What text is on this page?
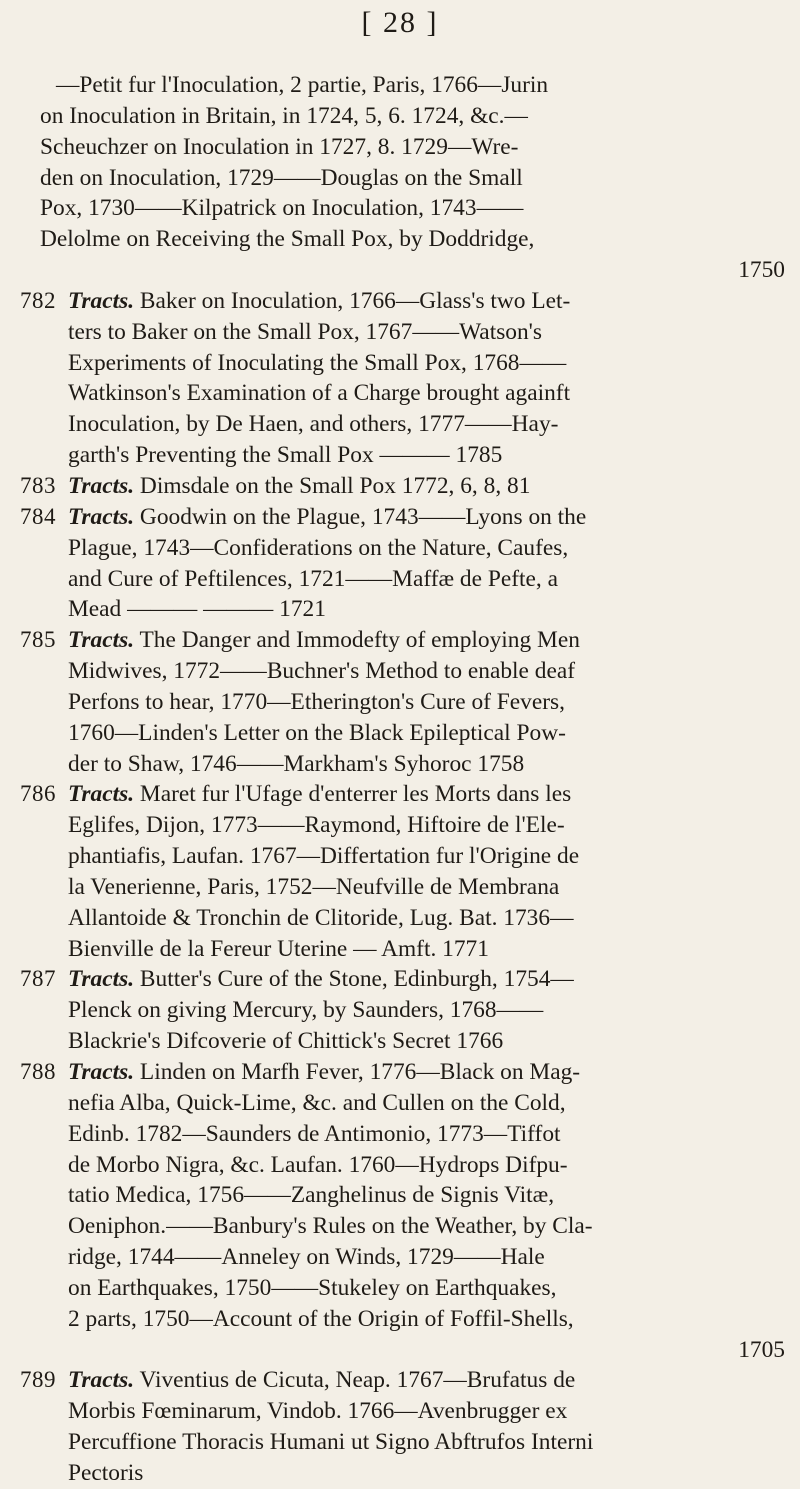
[ 28 ]
—Petit fur l'Inoculation, 2 partie, Paris, 1766—Jurin
on Inoculation in Britain, in 1724, 5, 6. 1724, &c.—
Scheuchzer on Inoculation in 1727, 8. 1729—Wre-
den on Inoculation, 1729——Douglas on the Small
Pox, 1730——Kilpatrick on Inoculation, 1743——
Delolme on Receiving the Small Pox, by Doddridge,
1750
782 Tracts. Baker on Inoculation, 1766—Glass's two Let-
ters to Baker on the Small Pox, 1767——Watson's
Experiments of Inoculating the Small Pox, 1768——
Watkinson's Examination of a Charge brought againft
Inoculation, by De Haen, and others, 1777——Hay-
garth's Preventing the Small Pox ——— 1785
783 Tracts. Dimsdale on the Small Pox 1772, 6, 8, 81
784 Tracts. Goodwin on the Plague, 1743——Lyons on the
Plague, 1743—Confiderations on the Nature, Caufes,
and Cure of Peftilences, 1721——Maffæ de Pefte, a
Mead ——— ——— 1721
785 Tracts. The Danger and Immodefty of employing Men
Midwives, 1772——Buchner's Method to enable deaf
Perfons to hear, 1770—Etherington's Cure of Fevers,
1760—Linden's Letter on the Black Epileptical Pow-
der to Shaw, 1746——Markham's Syhoroc 1758
786 Tracts. Maret fur l'Ufage d'enterrer les Morts dans les
Eglifes, Dijon, 1773——Raymond, Hiftoire de l'Ele-
phantiafis, Laufan. 1767—Differtation fur l'Origine de
la Venerienne, Paris, 1752—Neufville de Membrana
Allantoide & Tronchin de Clitoride, Lug. Bat. 1736—
Bienville de la Fereur Uterine — Amft. 1771
787 Tracts. Butter's Cure of the Stone, Edinburgh, 1754—
Plenck on giving Mercury, by Saunders, 1768——
Blackrie's Difcoverie of Chittick's Secret 1766
788 Tracts. Linden on Marfh Fever, 1776—Black on Mag-
nefia Alba, Quick-Lime, &c. and Cullen on the Cold,
Edinb. 1782—Saunders de Antimonio, 1773—Tiffot
de Morbo Nigra, &c. Laufan. 1760—Hydrops Difpu-
tatio Medica, 1756——Zanghelinus de Signis Vitæ,
Oeniphon.——Banbury's Rules on the Weather, by Cla-
ridge, 1744——Anneley on Winds, 1729——Hale
on Earthquakes, 1750——Stukeley on Earthquakes,
2 parts, 1750—Account of the Origin of Foffil-Shells,
1705
789 Tracts. Viventius de Cicuta, Neap. 1767—Brufatus de
Morbis Fœminarum, Vindob. 1766—Avenbrugger ex
Percuffione Thoracis Humani ut Signo Abftrufos Interni
Pectoris
